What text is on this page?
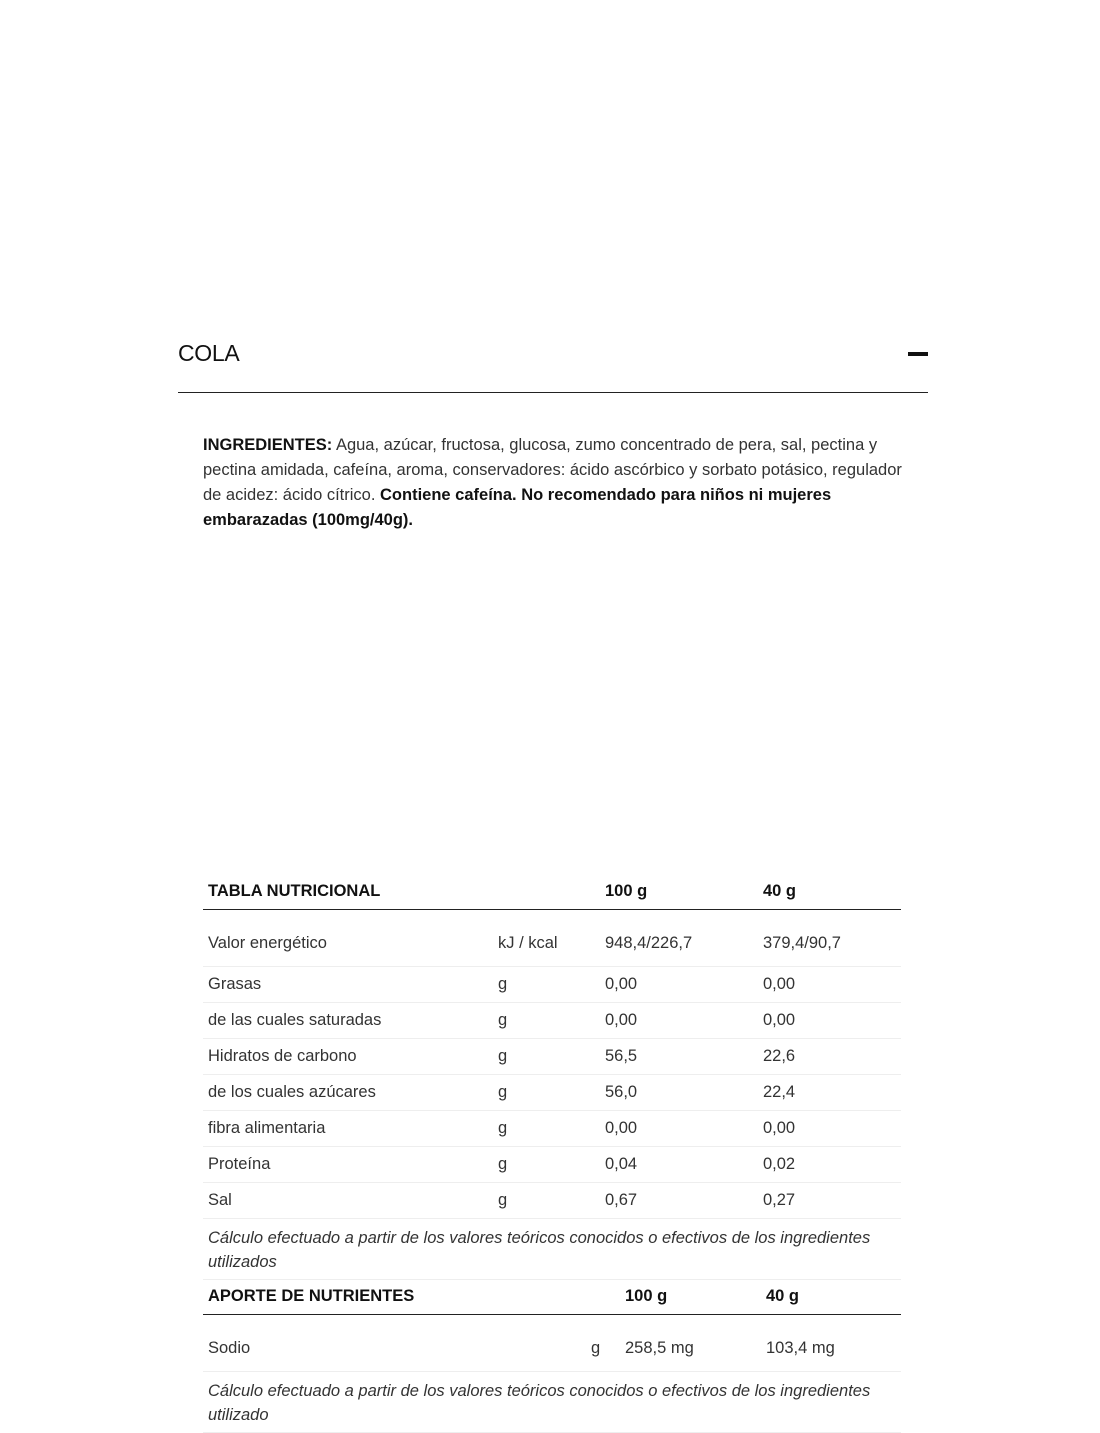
COLA

INGREDIENTES: Agua, azúcar, fructosa, glucosa, zumo concentrado de pera, sal, pectina y pectina amidada, cafeína, aroma, conservadores: ácido ascórbico y sorbato potásico, regulador de acidez: ácido cítrico. Contiene cafeína. No recomendado para niños ni mujeres embarazadas (100mg/40g).

TABLA NUTRICIONAL		100 g	40 g
Valor energético	kJ / kcal	948,4/226,7	379,4/90,7
Grasas	g	0,00	0,00
de las cuales saturadas	g	0,00	0,00
Hidratos de carbono	g	56,5	22,6
de los cuales azúcares	g	56,0	22,4
fibra alimentaria	g	0,00	0,00
Proteína	g	0,04	0,02
Sal	g	0,67	0,27
Cálculo efectuado a partir de los valores teóricos conocidos o efectivos de los ingredientes utilizados			
APORTE DE NUTRIENTES		100 g	40 g
Sodio	g	258,5 mg	103,4 mg
Cálculo efectuado a partir de los valores teóricos conocidos o efectivos de los ingredientes utilizado			
